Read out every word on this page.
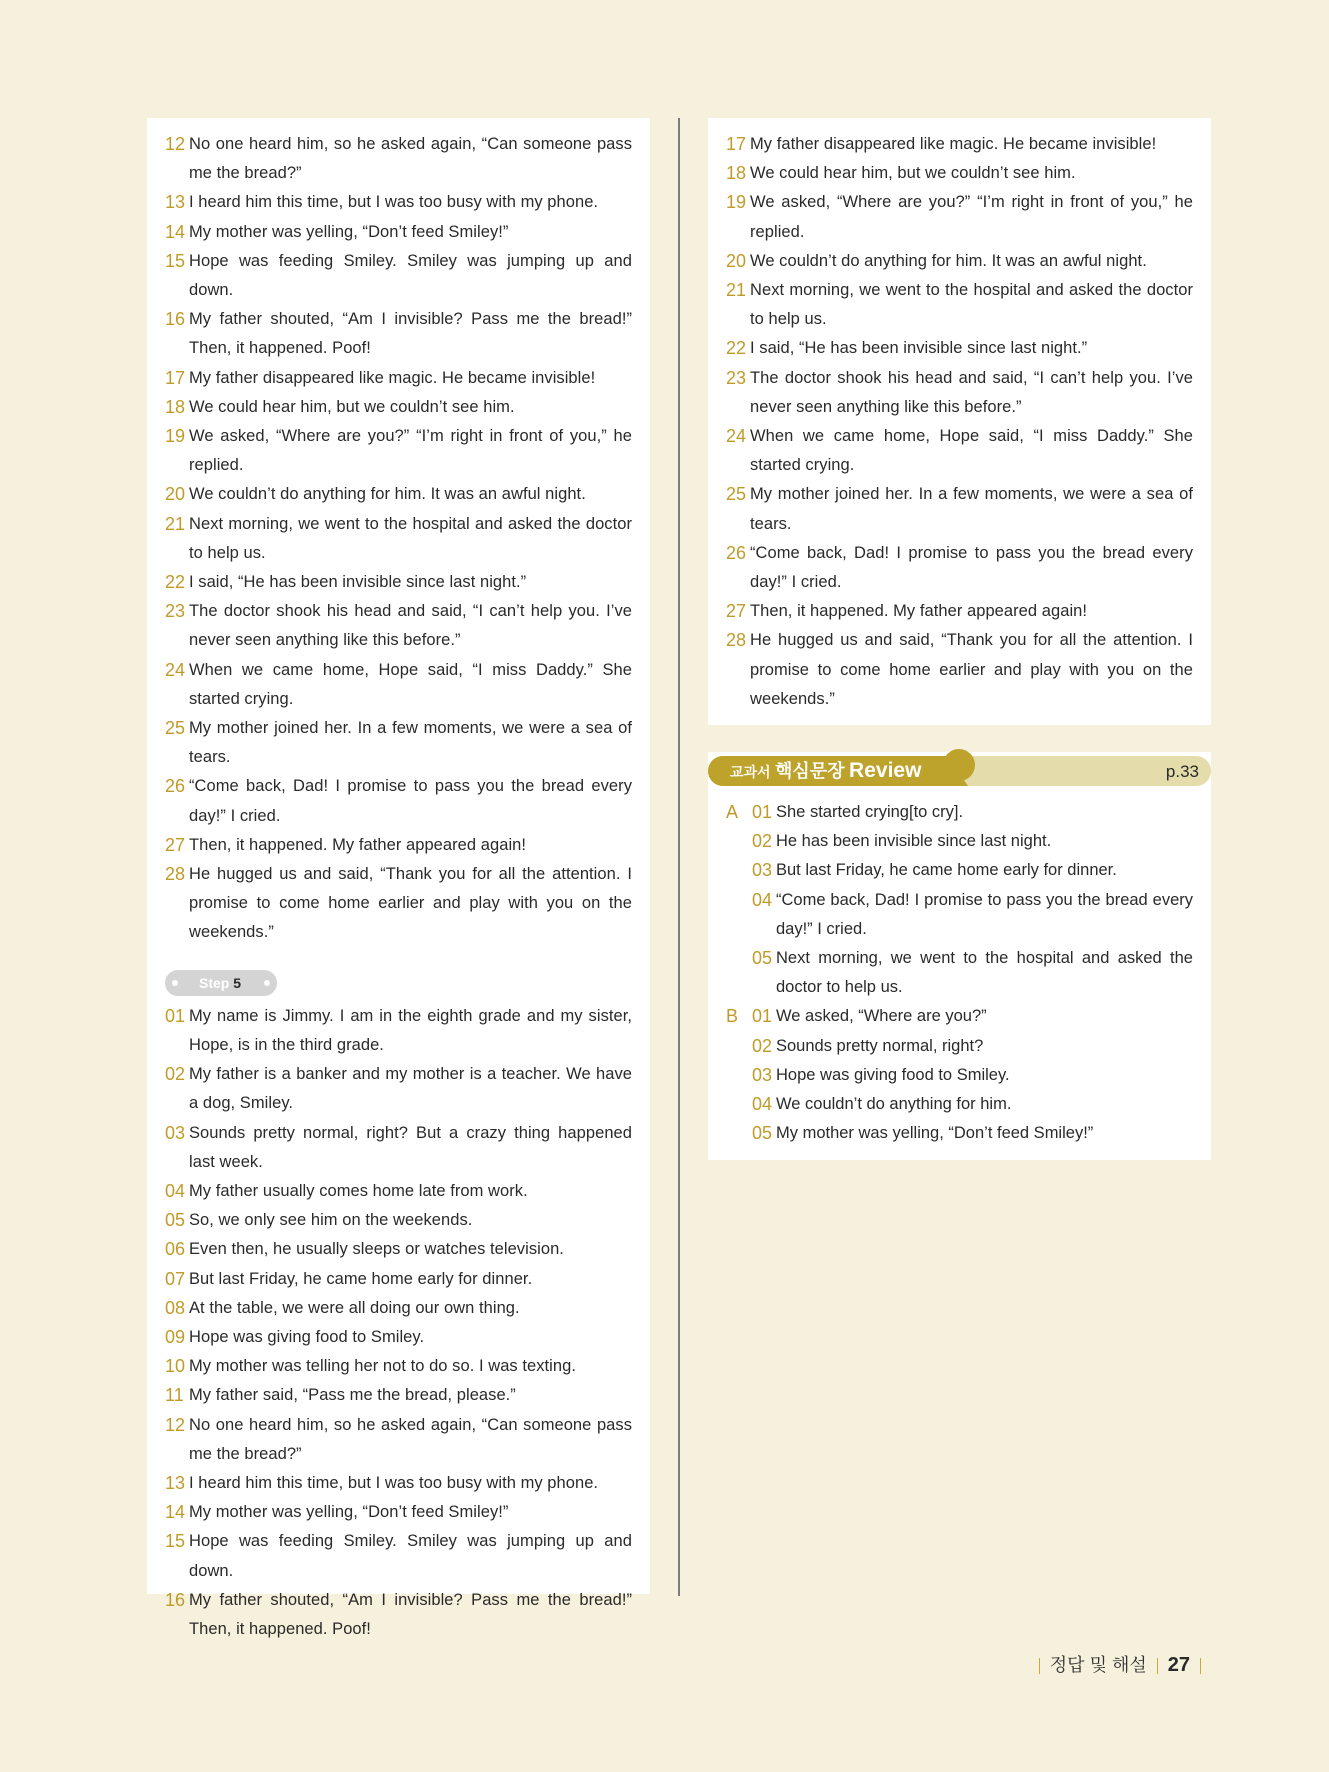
12 No one heard him, so he asked again, “Can someone pass me the bread?”
13 I heard him this time, but I was too busy with my phone.
14 My mother was yelling, “Don’t feed Smiley!”
15 Hope was feeding Smiley. Smiley was jumping up and down.
16 My father shouted, “Am I invisible? Pass me the bread!” Then, it happened. Poof!
17 My father disappeared like magic. He became invisible!
18 We could hear him, but we couldn’t see him.
19 We asked, “Where are you?” “I’m right in front of you,” he replied.
20 We couldn’t do anything for him. It was an awful night.
21 Next morning, we went to the hospital and asked the doctor to help us.
22 I said, “He has been invisible since last night.”
23 The doctor shook his head and said, “I can’t help you. I’ve never seen anything like this before.”
24 When we came home, Hope said, “I miss Daddy.” She started crying.
25 My mother joined her. In a few moments, we were a sea of tears.
26 “Come back, Dad! I promise to pass you the bread every day!” I cried.
27 Then, it happened. My father appeared again!
28 He hugged us and said, “Thank you for all the attention. I promise to come home earlier and play with you on the weekends.”
Step 5
01 My name is Jimmy. I am in the eighth grade and my sister, Hope, is in the third grade.
02 My father is a banker and my mother is a teacher. We have a dog, Smiley.
03 Sounds pretty normal, right? But a crazy thing happened last week.
04 My father usually comes home late from work.
05 So, we only see him on the weekends.
06 Even then, he usually sleeps or watches television.
07 But last Friday, he came home early for dinner.
08 At the table, we were all doing our own thing.
09 Hope was giving food to Smiley.
10 My mother was telling her not to do so. I was texting.
11 My father said, “Pass me the bread, please.”
12 No one heard him, so he asked again, “Can someone pass me the bread?”
13 I heard him this time, but I was too busy with my phone.
14 My mother was yelling, “Don’t feed Smiley!”
15 Hope was feeding Smiley. Smiley was jumping up and down.
16 My father shouted, “Am I invisible? Pass me the bread!” Then, it happened. Poof!
17 My father disappeared like magic. He became invisible!
18 We could hear him, but we couldn’t see him.
19 We asked, “Where are you?” “I’m right in front of you,” he replied.
20 We couldn’t do anything for him. It was an awful night.
21 Next morning, we went to the hospital and asked the doctor to help us.
22 I said, “He has been invisible since last night.”
23 The doctor shook his head and said, “I can’t help you. I’ve never seen anything like this before.”
24 When we came home, Hope said, “I miss Daddy.” She started crying.
25 My mother joined her. In a few moments, we were a sea of tears.
26 “Come back, Dad! I promise to pass you the bread every day!” I cried.
27 Then, it happened. My father appeared again!
28 He hugged us and said, “Thank you for all the attention. I promise to come home earlier and play with you on the weekends.”
교과서 핵심문장 Review	p.33
A 01 She started crying[to cry].
02 He has been invisible since last night.
03 But last Friday, he came home early for dinner.
04 “Come back, Dad! I promise to pass you the bread every day!” I cried.
05 Next morning, we went to the hospital and asked the doctor to help us.
B 01 We asked, “Where are you?”
02 Sounds pretty normal, right?
03 Hope was giving food to Smiley.
04 We couldn’t do anything for him.
05 My mother was yelling, “Don’t feed Smiley!”
정답 및 해설 27
